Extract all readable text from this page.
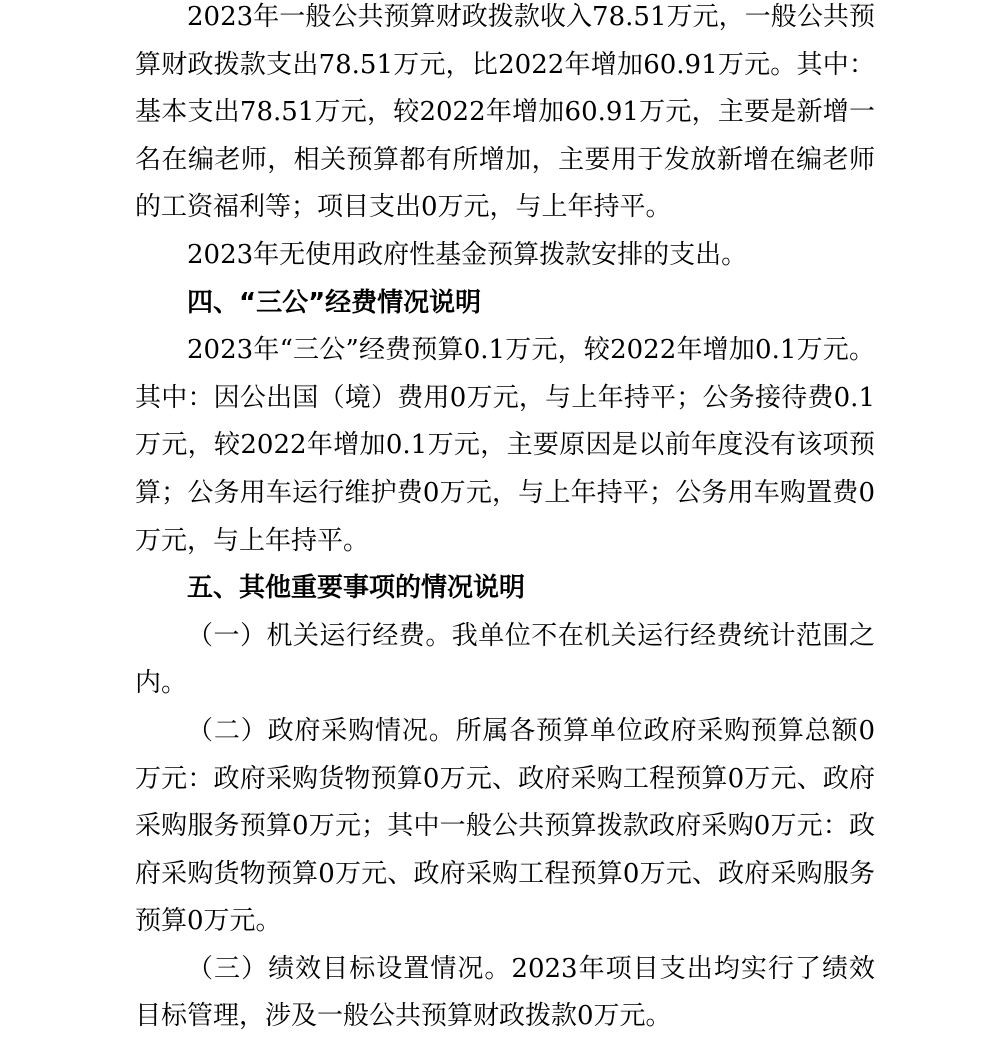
2023年一般公共预算财政拨款收入78.51万元，一般公共预算财政拨款支出78.51万元，比2022年增加60.91万元。其中：基本支出78.51万元，较2022年增加60.91万元，主要是新增一名在编老师，相关预算都有所增加，主要用于发放新增在编老师的工资福利等；项目支出0万元，与上年持平。

2023年无使用政府性基金预算拨款安排的支出。

四、“三公”经费情况说明

2023年“三公”经费预算0.1万元，较2022年增加0.1万元。其中：因公出国（境）费用0万元，与上年持平；公务接待费0.1万元，较2022年增加0.1万元，主要原因是以前年度没有该项预算；公务用车运行维护费0万元，与上年持平；公务用车购置费0万元，与上年持平。

五、其他重要事项的情况说明

（一）机关运行经费。我单位不在机关运行经费统计范围之内。

（二）政府采购情况。所属各预算单位政府采购预算总额0万元：政府采购货物预算0万元、政府采购工程预算0万元、政府采购服务预算0万元；其中一般公共预算拨款政府采购0万元：政府采购货物预算0万元、政府采购工程预算0万元、政府采购服务预算0万元。

（三）绩效目标设置情况。2023年项目支出均实行了绩效目标管理，涉及一般公共预算财政拨款0万元。
